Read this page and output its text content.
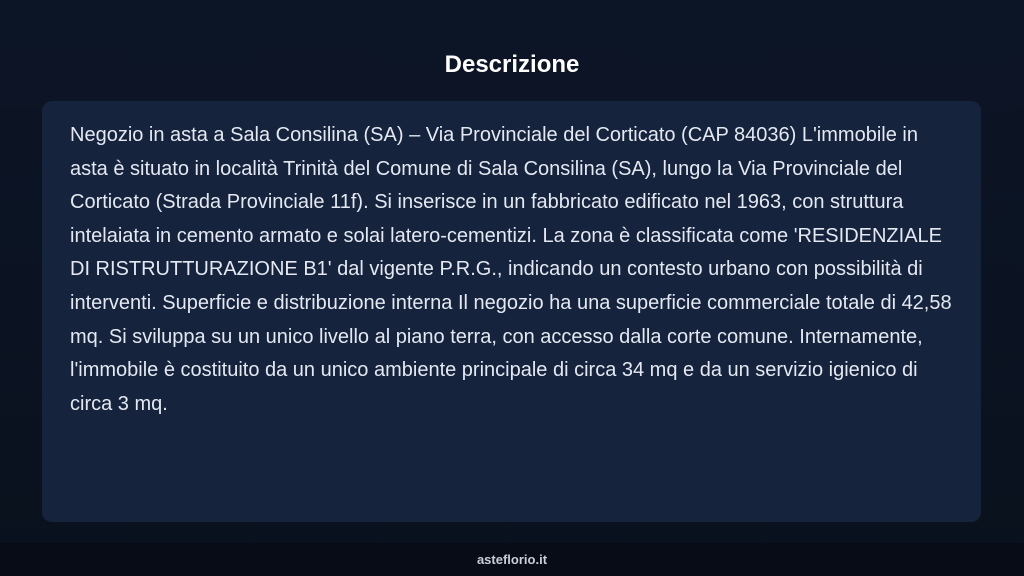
Descrizione

Negozio in asta a Sala Consilina (SA) – Via Provinciale del Corticato (CAP 84036) L'immobile in asta è situato in località Trinità del Comune di Sala Consilina (SA), lungo la Via Provinciale del Corticato (Strada Provinciale 11f). Si inserisce in un fabbricato edificato nel 1963, con struttura intelaiata in cemento armato e solai latero-cementizi. La zona è classificata come 'RESIDENZIALE DI RISTRUTTURAZIONE B1' dal vigente P.R.G., indicando un contesto urbano con possibilità di interventi. Superficie e distribuzione interna Il negozio ha una superficie commerciale totale di 42,58 mq. Si sviluppa su un unico livello al piano terra, con accesso dalla corte comune. Internamente, l'immobile è costituito da un unico ambiente principale di circa 34 mq e da un servizio igienico di circa 3 mq.

asteflorio.it
